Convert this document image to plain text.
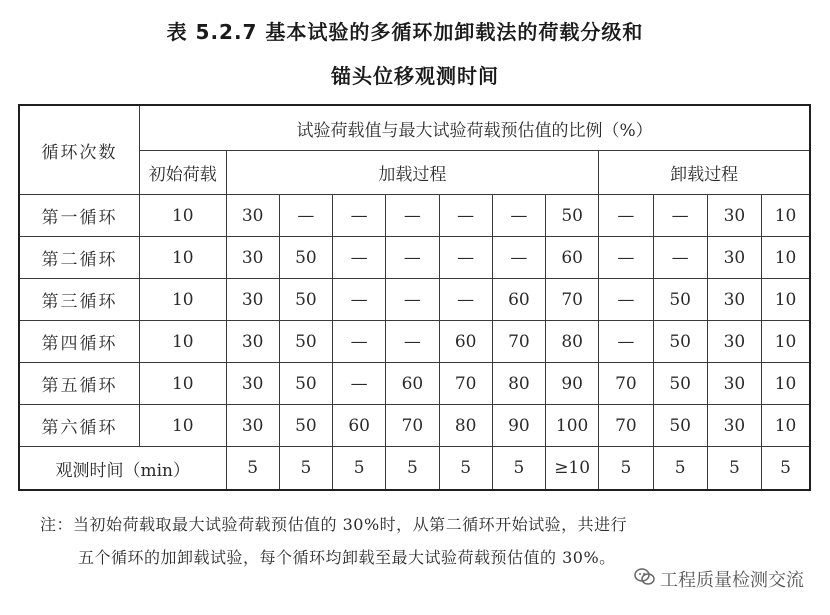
表 5.2.7 基本试验的多循环加卸载法的荷载分级和
锚头位移观测时间
循环次数	试验荷载值与最大试验荷载预估值的比例（%）											
	初始荷载	加载过程							卸载过程			
第一循环	10	30	—	—	—	—	—	50	—	—	30	10
第二循环	10	30	50	—	—	—	—	60	—	—	30	10
第三循环	10	30	50	—	—	—	60	70	—	50	30	10
第四循环	10	30	50	—	—	60	70	80	—	50	30	10
第五循环	10	30	50	—	60	70	80	90	70	50	30	10
第六循环	10	30	50	60	70	80	90	100	70	50	30	10
观测时间（min）		5	5	5	5	5	5	≥10	5	5	5	5
注：当初始荷载取最大试验荷载预估值的 30%时，从第二循环开始试验，共进行
五个循环的加卸载试验，每个循环均卸载至最大试验荷载预估值的 30%。
工程质量检测交流
